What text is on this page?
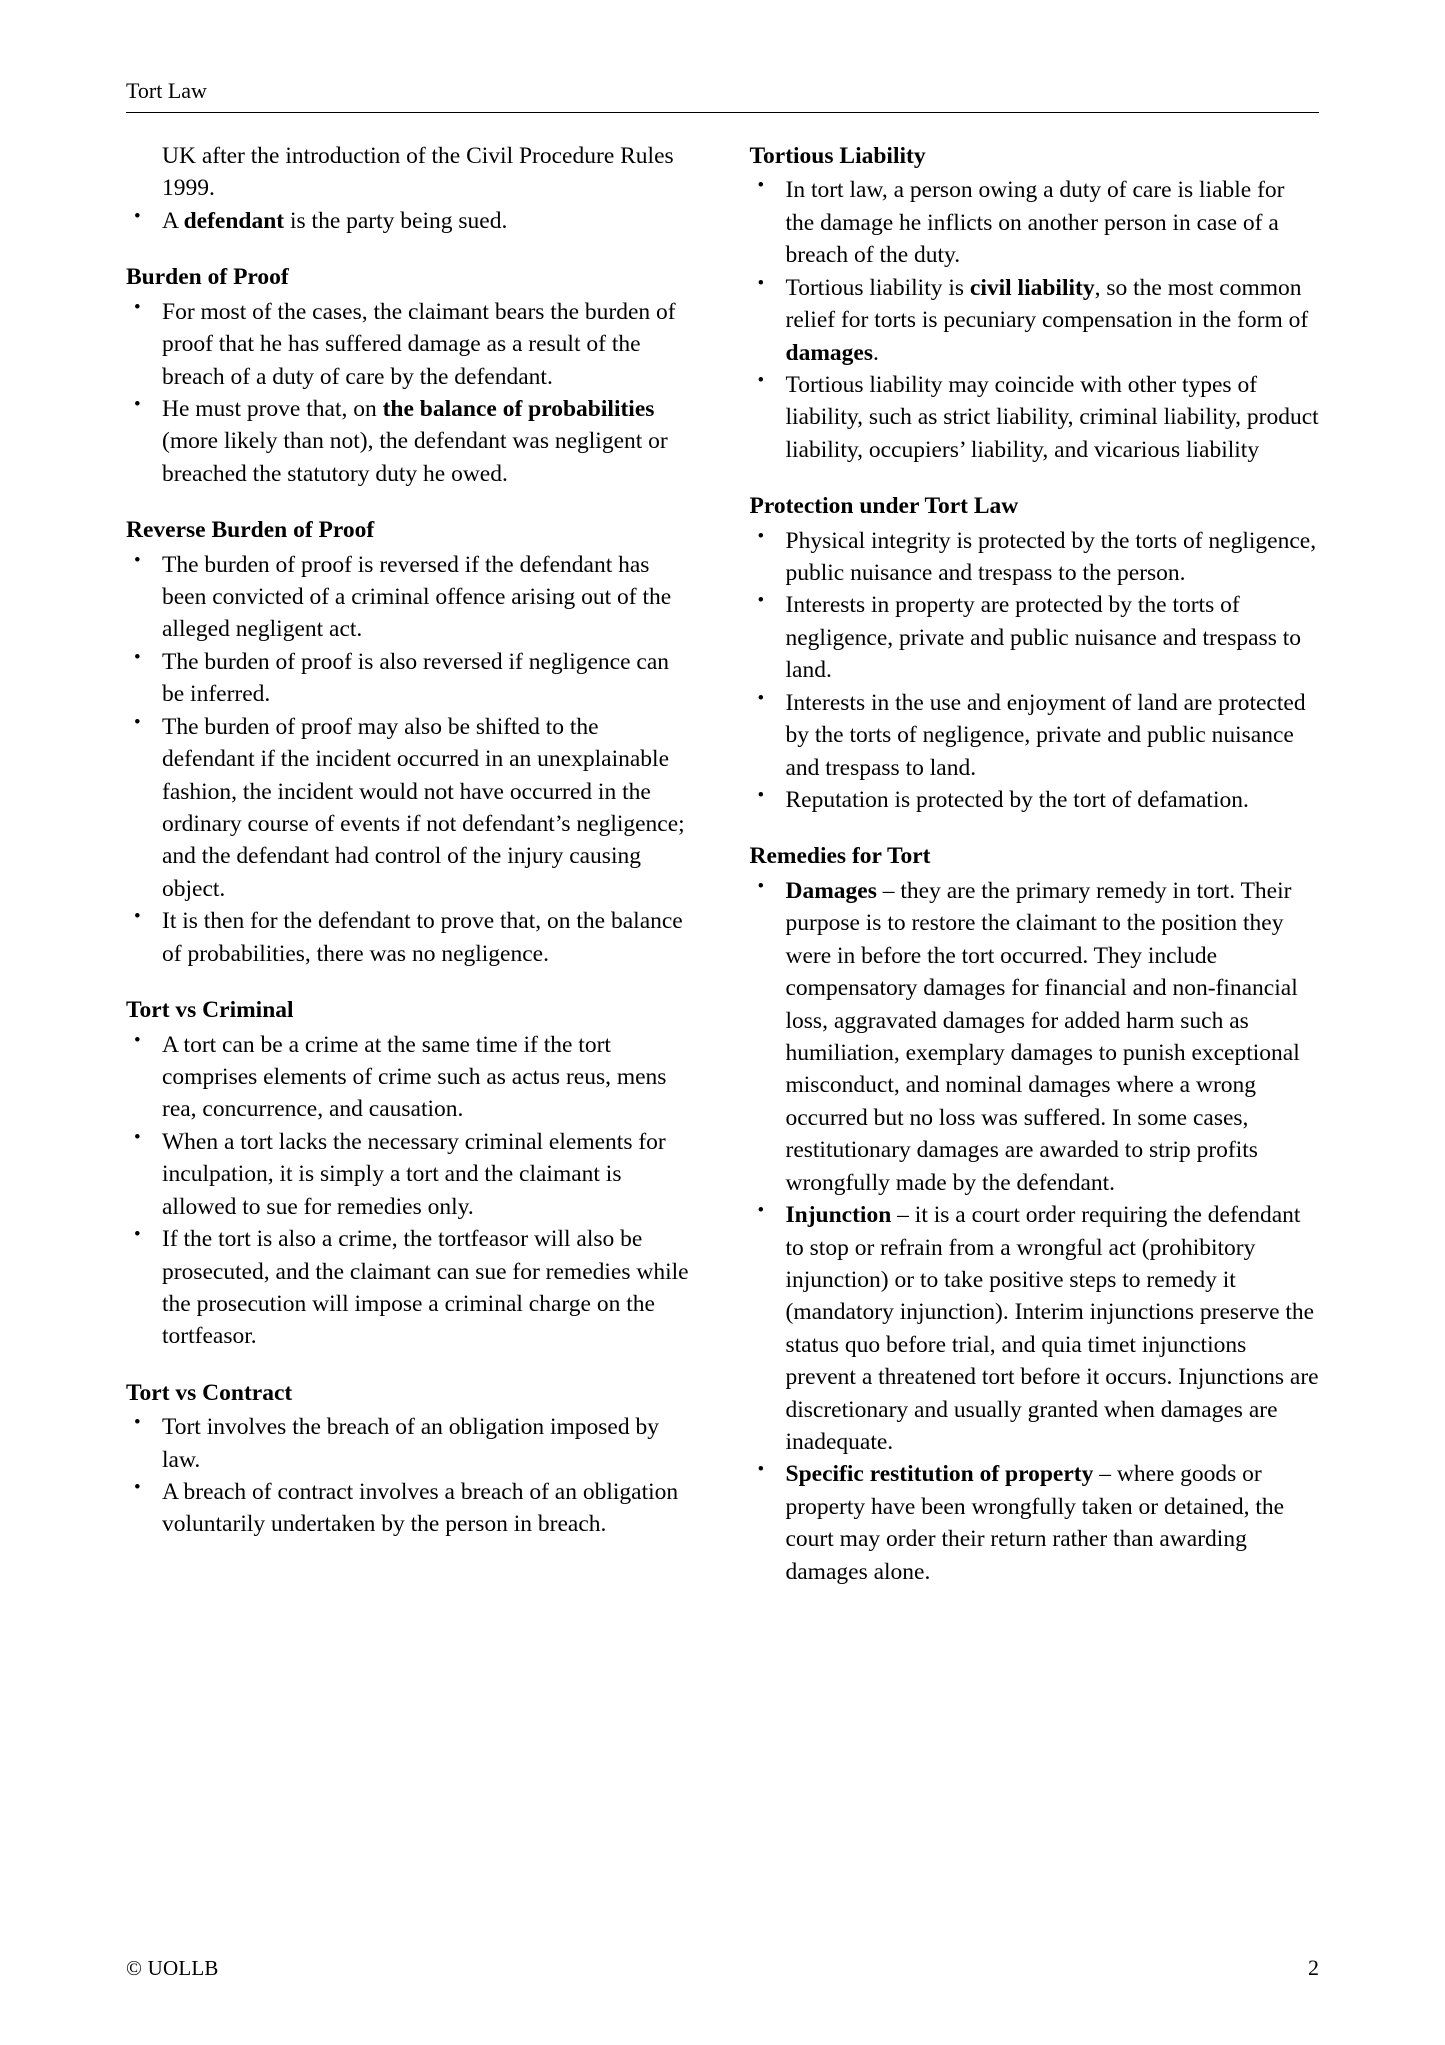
Tort Law
UK after the introduction of the Civil Procedure Rules 1999.
• A defendant is the party being sued.
Burden of Proof
• For most of the cases, the claimant bears the burden of proof that he has suffered damage as a result of the breach of a duty of care by the defendant.
• He must prove that, on the balance of probabilities (more likely than not), the defendant was negligent or breached the statutory duty he owed.
Reverse Burden of Proof
• The burden of proof is reversed if the defendant has been convicted of a criminal offence arising out of the alleged negligent act.
• The burden of proof is also reversed if negligence can be inferred.
• The burden of proof may also be shifted to the defendant if the incident occurred in an unexplainable fashion, the incident would not have occurred in the ordinary course of events if not defendant’s negligence; and the defendant had control of the injury causing object.
• It is then for the defendant to prove that, on the balance of probabilities, there was no negligence.
Tort vs Criminal
• A tort can be a crime at the same time if the tort comprises elements of crime such as actus reus, mens rea, concurrence, and causation.
• When a tort lacks the necessary criminal elements for inculpation, it is simply a tort and the claimant is allowed to sue for remedies only.
• If the tort is also a crime, the tortfeasor will also be prosecuted, and the claimant can sue for remedies while the prosecution will impose a criminal charge on the tortfeasor.
Tort vs Contract
• Tort involves the breach of an obligation imposed by law.
• A breach of contract involves a breach of an obligation voluntarily undertaken by the person in breach.
Tortious Liability
• In tort law, a person owing a duty of care is liable for the damage he inflicts on another person in case of a breach of the duty.
• Tortious liability is civil liability, so the most common relief for torts is pecuniary compensation in the form of damages.
• Tortious liability may coincide with other types of liability, such as strict liability, criminal liability, product liability, occupiers’ liability, and vicarious liability
Protection under Tort Law
• Physical integrity is protected by the torts of negligence, public nuisance and trespass to the person.
• Interests in property are protected by the torts of negligence, private and public nuisance and trespass to land.
• Interests in the use and enjoyment of land are protected by the torts of negligence, private and public nuisance and trespass to land.
• Reputation is protected by the tort of defamation.
Remedies for Tort
• Damages – they are the primary remedy in tort. Their purpose is to restore the claimant to the position they were in before the tort occurred. They include compensatory damages for financial and non-financial loss, aggravated damages for added harm such as humiliation, exemplary damages to punish exceptional misconduct, and nominal damages where a wrong occurred but no loss was suffered. In some cases, restitutionary damages are awarded to strip profits wrongfully made by the defendant.
• Injunction – it is a court order requiring the defendant to stop or refrain from a wrongful act (prohibitory injunction) or to take positive steps to remedy it (mandatory injunction). Interim injunctions preserve the status quo before trial, and quia timet injunctions prevent a threatened tort before it occurs. Injunctions are discretionary and usually granted when damages are inadequate.
• Specific restitution of property – where goods or property have been wrongfully taken or detained, the court may order their return rather than awarding damages alone.
© UOLLB	2
